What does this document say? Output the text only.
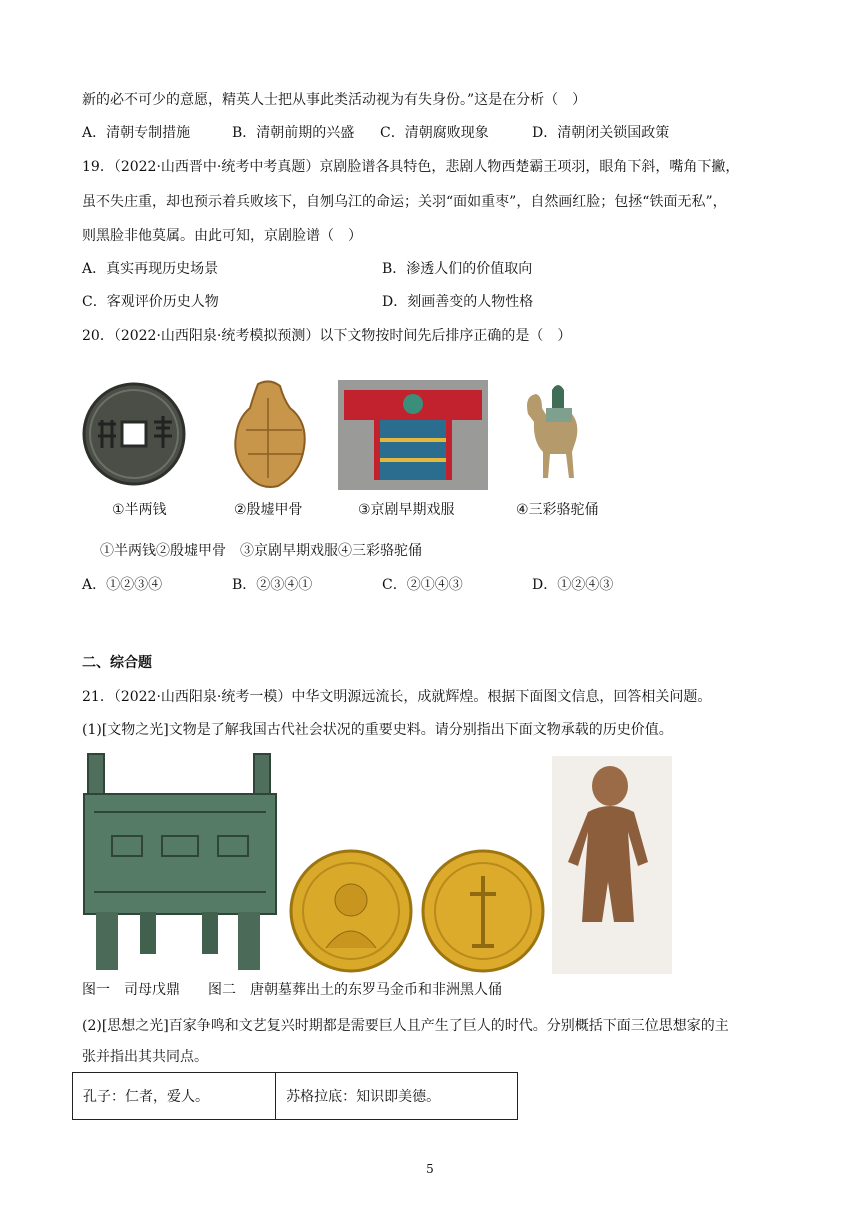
新的必不可少的意愿，精英人士把从事此类活动视为有失身份。”这是在分析（　）
A．清朝专制措施	B．清朝前期的兴盛 C．清朝腐败现象	D．清朝闭关锁国政策
19．（2022·山西晋中·统考中考真题）京剧脸谱各具特色，悲剧人物西楚霸王项羽，眼角下斜，嘴角下撇，
虽不失庄重，却也预示着兵败垓下，自刎乌江的命运；关羽“面如重枣”，自然画红脸；包拯“铁面无私”，
则黑脸非他莫属。由此可知，京剧脸谱（　）
A．真实再现历史场景	B．渗透人们的价值取向
C．客观评价历史人物	D．刻画善变的人物性格
20．（2022·山西阳泉·统考模拟预测）以下文物按时间先后排序正确的是（　）
①半两钱	②殷墟甲骨	③京剧早期戏服	④三彩骆驼俑
①半两钱②殷墟甲骨　③京剧早期戏服④三彩骆驼俑
A．①②③④	B．②③④①	C．②①④③	D．①②④③
二、综合题
21．（2022·山西阳泉·统考一模）中华文明源远流长，成就辉煌。根据下面图文信息，回答相关问题。
(1)[文物之光]文物是了解我国古代社会状况的重要史料。请分别指出下面文物承载的历史价值。
图一　司母戊鼎　　图二　唐朝墓葬出土的东罗马金币和非洲黑人俑
(2)[思想之光]百家争鸣和文艺复兴时期都是需要巨人且产生了巨人的时代。分别概括下面三位思想家的主
张并指出其共同点。
孔子：仁者，爱人。	苏格拉底：知识即美德。
5
